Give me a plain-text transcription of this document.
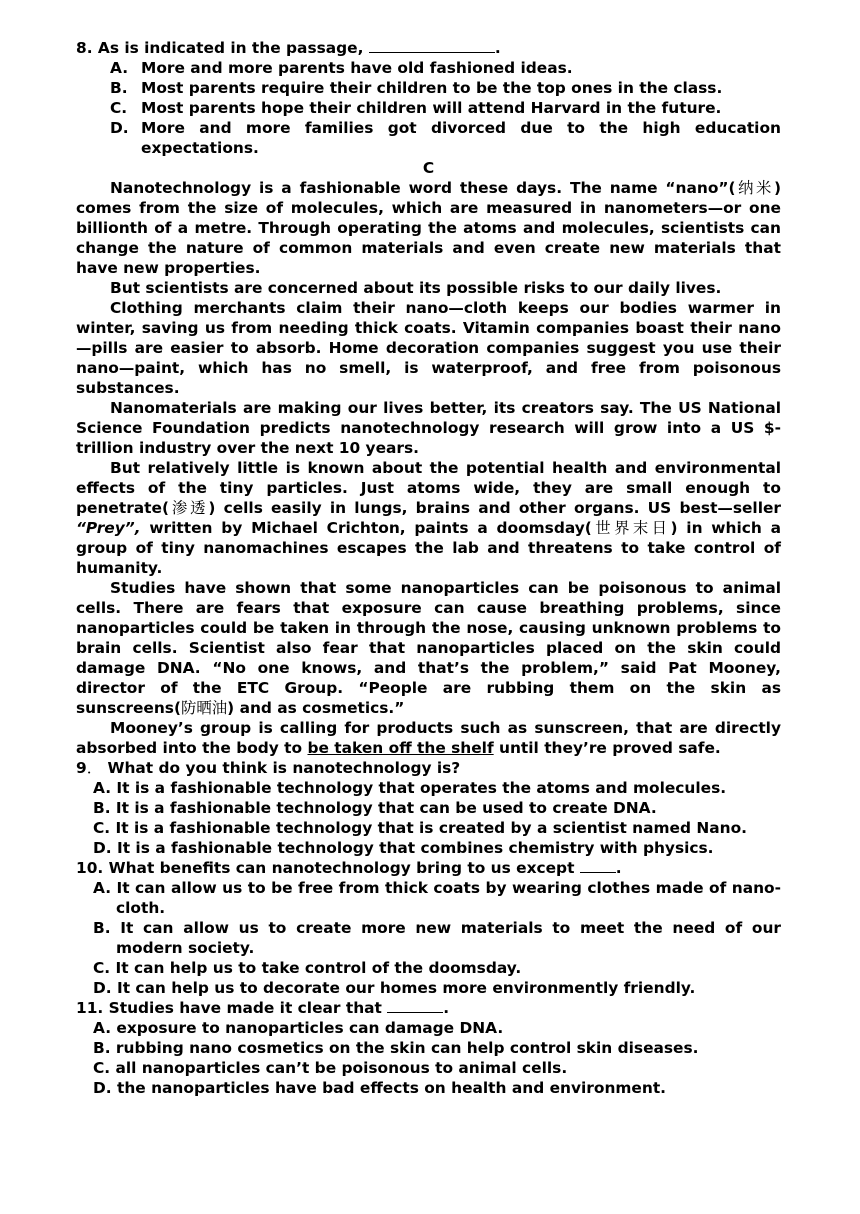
8. As is indicated in the passage,	.
A. More and more parents have old fashioned ideas.
B. Most parents require their children to be the top ones in the class.
C. Most parents hope their children will attend Harvard in the future.
D. More and more families got divorced due to the high education expectations.
C
Nanotechnology is a fashionable word these days. The name “nano”(纳米) comes from the size of molecules, which are measured in nanometers—or one billionth of a metre. Through operating the atoms and molecules, scientists can change the nature of common materials and even create new materials that have new properties.
But scientists are concerned about its possible risks to our daily lives.
Clothing merchants claim their nano—cloth keeps our bodies warmer in winter, saving us from needing thick coats. Vitamin companies boast their nano—pills are easier to absorb. Home decoration companies suggest you use their nano—paint, which has no smell, is waterproof, and free from poisonous substances.
Nanomaterials are making our lives better, its creators say. The US National Science Foundation predicts nanotechnology research will grow into a US $-trillion industry over the next 10 years.
But relatively little is known about the potential health and environmental effects of the tiny particles. Just atoms wide, they are small enough to penetrate(渗透) cells easily in lungs, brains and other organs. US best—seller “Prey”, written by Michael Crichton, paints a doomsday(世界末日) in which a group of tiny nanomachines escapes the lab and threatens to take control of humanity.
Studies have shown that some nanoparticles can be poisonous to animal cells. There are fears that exposure can cause breathing problems, since nanoparticles could be taken in through the nose, causing unknown problems to brain cells. Scientist also fear that nanoparticles placed on the skin could damage DNA. “No one knows, and that’s the problem,” said Pat Mooney, director of the ETC Group. “People are rubbing them on the skin as sunscreens(防晒油) and as cosmetics.”
Mooney’s group is calling for products such as sunscreen, that are directly absorbed into the body to be taken off the shelf until they’re proved safe.
9． What do you think is nanotechnology is?
A. It is a fashionable technology that operates the atoms and molecules.
B. It is a fashionable technology that can be used to create DNA.
C. It is a fashionable technology that is created by a scientist named Nano.
D. It is a fashionable technology that combines chemistry with physics.
10. What benefits can nanotechnology bring to us except .
A. It can allow us to be free from thick coats by wearing clothes made of nano-cloth.
B. It can allow us to create more new materials to meet the need of our modern society.
C. It can help us to take control of the doomsday.
D. It can help us to decorate our homes more environmently friendly.
11. Studies have made it clear that	.
A. exposure to nanoparticles can damage DNA.
B. rubbing nano cosmetics on the skin can help control skin diseases.
C. all nanoparticles can’t be poisonous to animal cells.
D. the nanoparticles have bad effects on health and environment.
